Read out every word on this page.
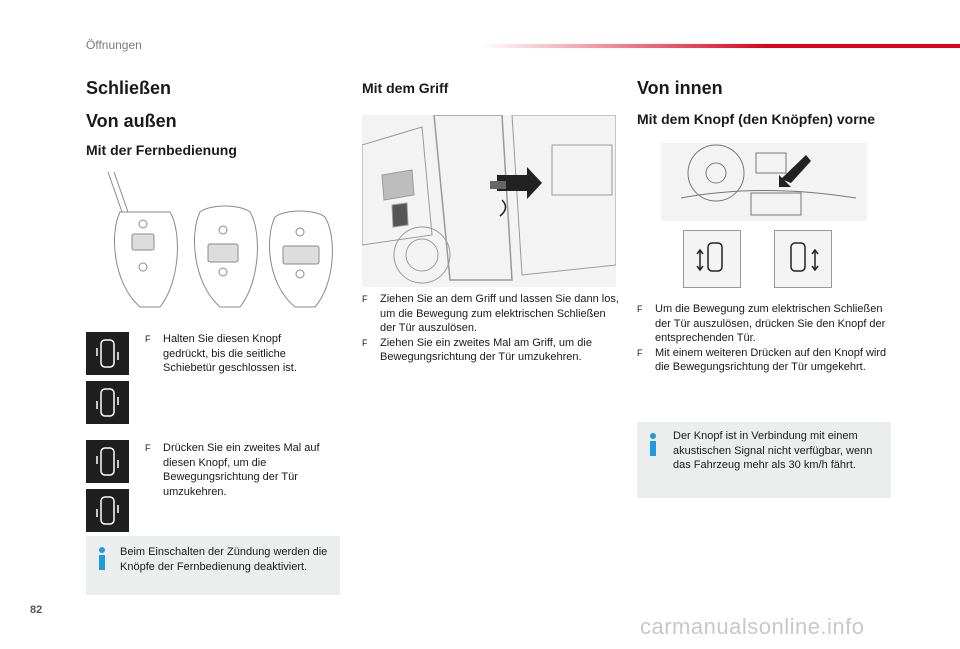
Öffnungen
Schließen
Von außen
Mit der Fernbedienung
F	Halten Sie diesen Knopf gedrückt, bis die seitliche Schiebetür geschlossen ist.
F	Drücken Sie ein zweites Mal auf diesen Knopf, um die Bewegungsrichtung der Tür umzukehren.
Beim Einschalten der Zündung werden die Knöpfe der Fernbedienung deaktiviert.
Mit dem Griff
F	Ziehen Sie an dem Griff und lassen Sie dann los, um die Bewegung zum elektrischen Schließen der Tür auszulösen.
F	Ziehen Sie ein zweites Mal am Griff, um die Bewegungsrichtung der Tür umzukehren.
Von innen
Mit dem Knopf (den Knöpfen) vorne
F	Um die Bewegung zum elektrischen Schließen der Tür auszulösen, drücken Sie den Knopf der entsprechenden Tür.
F	Mit einem weiteren Drücken auf den Knopf wird die Bewegungsrichtung der Tür umgekehrt.
Der Knopf ist in Verbindung mit einem akustischen Signal nicht verfügbar, wenn das Fahrzeug mehr als 30 km/h fährt.
82
carmanualsonline.info
